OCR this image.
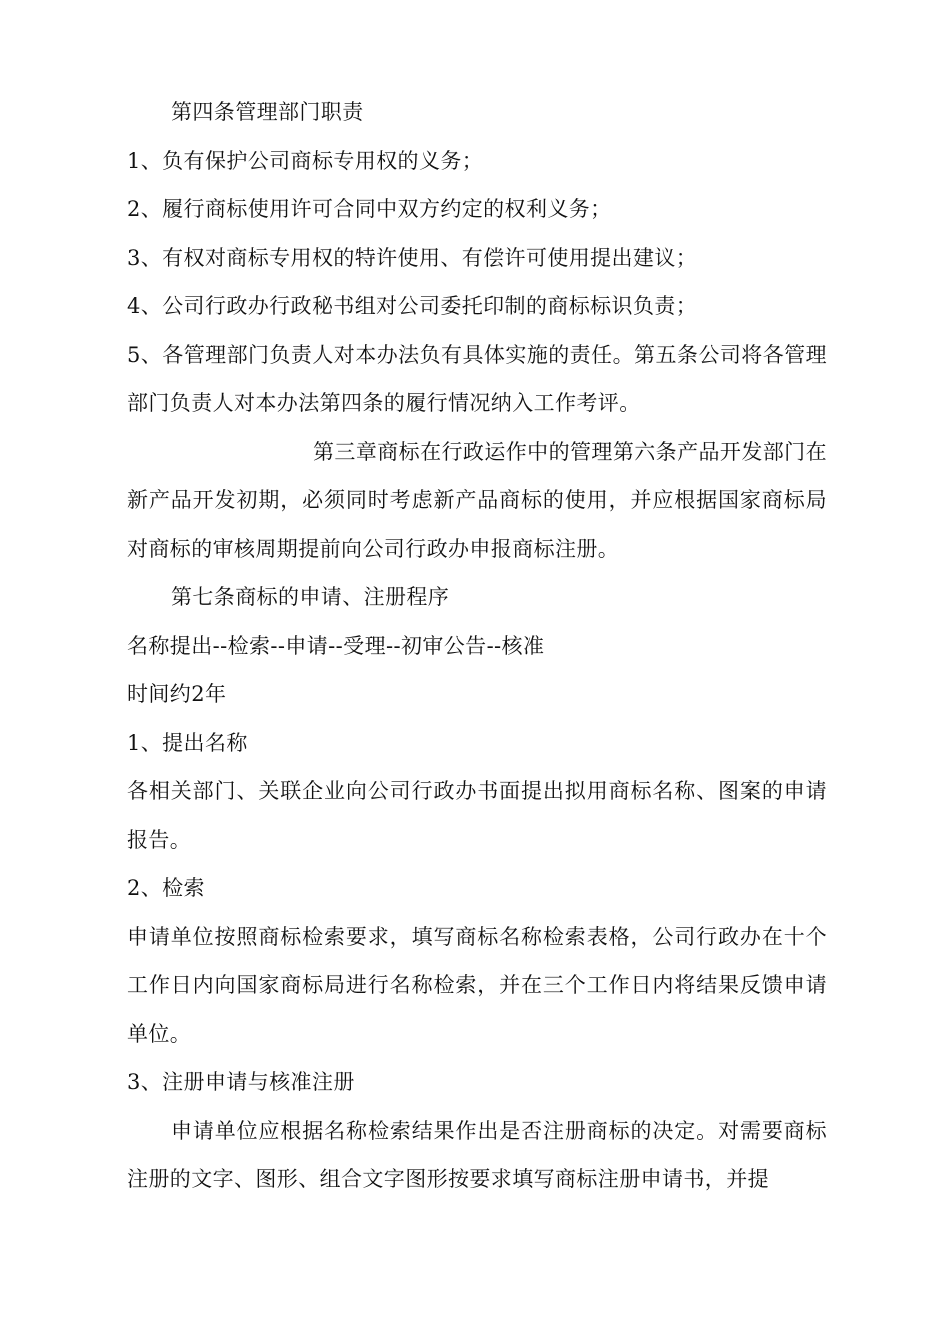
第四条管理部门职责

1、负有保护公司商标专用权的义务；

2、履行商标使用许可合同中双方约定的权利义务；

3、有权对商标专用权的特许使用、有偿许可使用提出建议；

4、公司行政办行政秘书组对公司委托印制的商标标识负责；

5、各管理部门负责人对本办法负有具体实施的责任。第五条公司将各管理部门负责人对本办法第四条的履行情况纳入工作考评。

第三章商标在行政运作中的管理第六条产品开发部门在新产品开发初期，必须同时考虑新产品商标的使用，并应根据国家商标局对商标的审核周期提前向公司行政办申报商标注册。

第七条商标的申请、注册程序

名称提出--检索--申请--受理--初审公告--核准

时间约2年

1、提出名称

各相关部门、关联企业向公司行政办书面提出拟用商标名称、图案的申请报告。

2、检索

申请单位按照商标检索要求，填写商标名称检索表格，公司行政办在十个工作日内向国家商标局进行名称检索，并在三个工作日内将结果反馈申请单位。

3、注册申请与核准注册

申请单位应根据名称检索结果作出是否注册商标的决定。对需要商标注册的文字、图形、组合文字图形按要求填写商标注册申请书，并提
